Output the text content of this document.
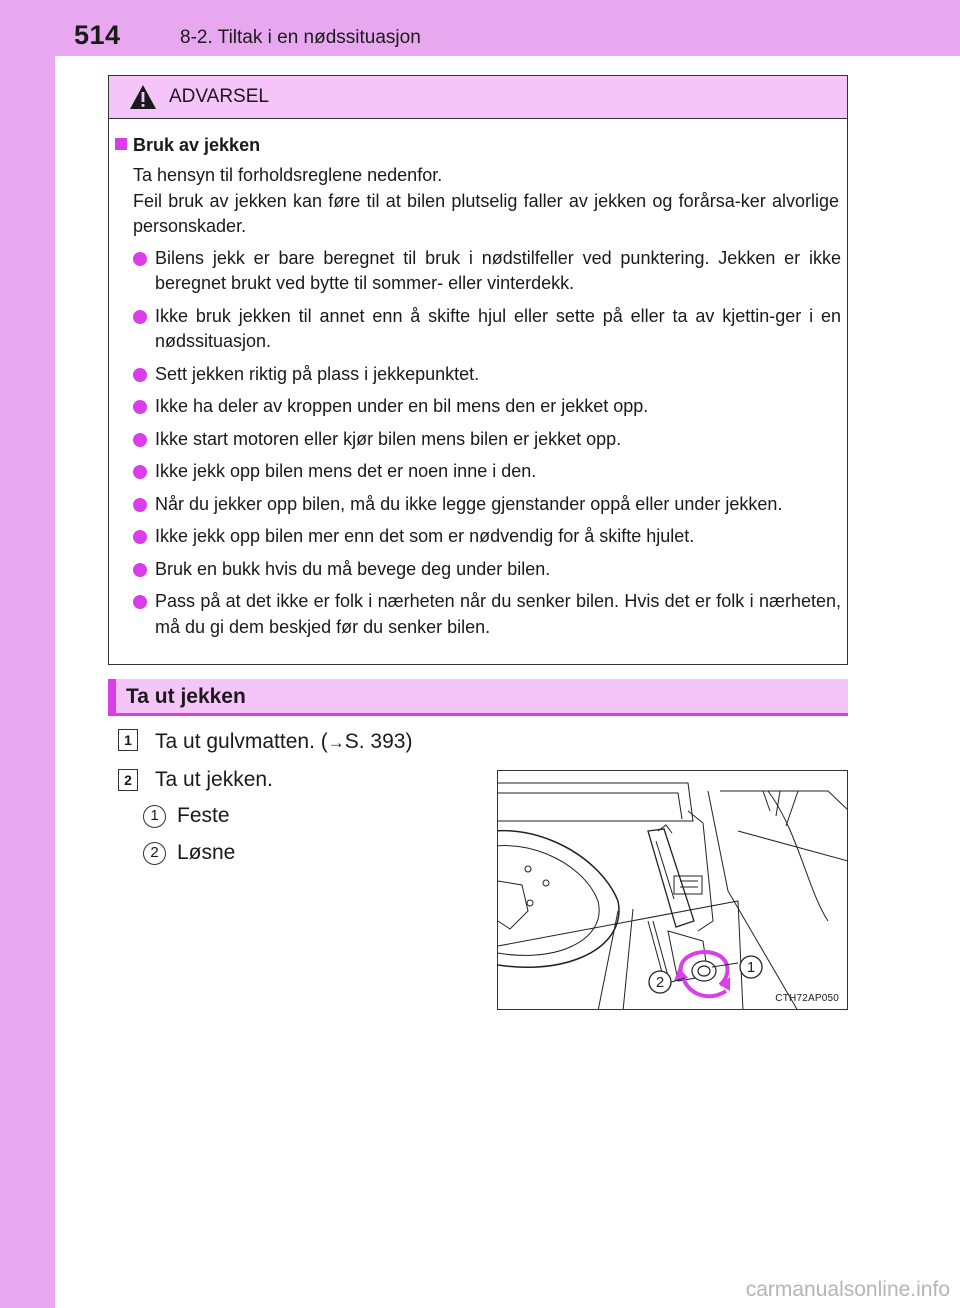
514	8-2. Tiltak i en nødssituasjon
ADVARSEL
Bruk av jekken
Ta hensyn til forholdsreglene nedenfor.
Feil bruk av jekken kan føre til at bilen plutselig faller av jekken og forårsa-ker alvorlige personskader.
Bilens jekk er bare beregnet til bruk i nødstilfeller ved punktering. Jekken er ikke beregnet brukt ved bytte til sommer- eller vinterdekk.
Ikke bruk jekken til annet enn å skifte hjul eller sette på eller ta av kjettin-ger i en nødssituasjon.
Sett jekken riktig på plass i jekkepunktet.
Ikke ha deler av kroppen under en bil mens den er jekket opp.
Ikke start motoren eller kjør bilen mens bilen er jekket opp.
Ikke jekk opp bilen mens det er noen inne i den.
Når du jekker opp bilen, må du ikke legge gjenstander oppå eller under jekken.
Ikke jekk opp bilen mer enn det som er nødvendig for å skifte hjulet.
Bruk en bukk hvis du må bevege deg under bilen.
Pass på at det ikke er folk i nærheten når du senker bilen. Hvis det er folk i nærheten, må du gi dem beskjed før du senker bilen.
Ta ut jekken
1 Ta ut gulvmatten. (→S. 393)
2 Ta ut jekken.
1 Feste
2 Løsne
1
2
CTH72AP050
carmanualsonline.info
